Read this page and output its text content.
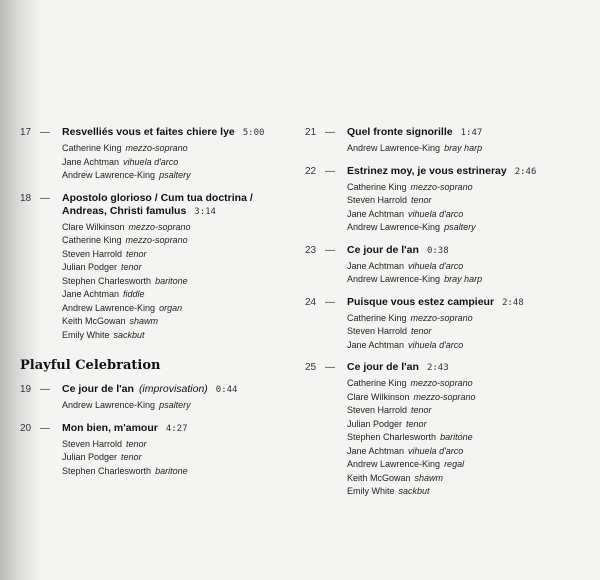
17 —	Resvelliés vous et faites chiere lye 5:00
Catherine King mezzo-soprano
Jane Achtman vihuela d'arco
Andrew Lawrence-King psaltery
18 —	Apostolo glorioso / Cum tua doctrina /
Andreas, Christi famulus 3:14
Clare Wilkinson mezzo-soprano
Catherine King mezzo-soprano
Steven Harrold tenor
Julian Podger tenor
Stephen Charlesworth baritone
Jane Achtman fiddle
Andrew Lawrence-King organ
Keith McGowan shawm
Emily White sackbut
Playful Celebration
19 —	Ce jour de l'an (improvisation) 0:44
Andrew Lawrence-King psaltery
20 —	Mon bien, m'amour 4:27
Steven Harrold tenor
Julian Podger tenor
Stephen Charlesworth baritone
21 —	Quel fronte signorille 1:47
Andrew Lawrence-King bray harp
22 —	Estrinez moy, je vous estrineray 2:46
Catherine King mezzo-soprano
Steven Harrold tenor
Jane Achtman vihuela d'arco
Andrew Lawrence-King psaltery
23 —	Ce jour de l'an 0:38
Jane Achtman vihuela d'arco
Andrew Lawrence-King bray harp
24 —	Puisque vous estez campieur 2:48
Catherine King mezzo-soprano
Steven Harrold tenor
Jane Achtman vihuela d'arco
25 —	Ce jour de l'an 2:43
Catherine King mezzo-soprano
Clare Wilkinson mezzo-soprano
Steven Harrold tenor
Julian Podger tenor
Stephen Charlesworth baritone
Jane Achtman vihuela d'arco
Andrew Lawrence-King regal
Keith McGowan shawm
Emily White sackbut
